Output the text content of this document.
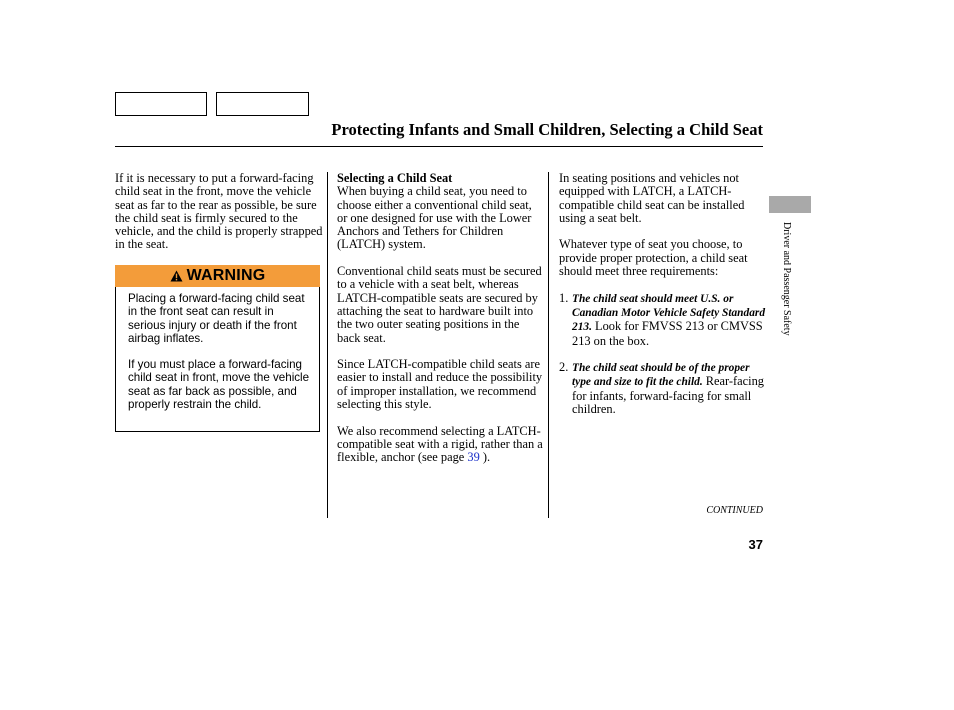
Protecting Infants and Small Children, Selecting a Child Seat

If it is necessary to put a forward-facing child seat in the front, move the vehicle seat as far to the rear as possible, be sure the child seat is firmly secured to the vehicle, and the child is properly strapped in the seat.

WARNING
Placing a forward-facing child seat in the front seat can result in serious injury or death if the front airbag inflates.
If you must place a forward-facing child seat in front, move the vehicle seat as far back as possible, and properly restrain the child.
Selecting a Child Seat

When buying a child seat, you need to choose either a conventional child seat, or one designed for use with the Lower Anchors and Tethers for Children (LATCH) system.

Conventional child seats must be secured to a vehicle with a seat belt, whereas LATCH-compatible seats are secured by attaching the seat to hardware built into the two outer seating positions in the back seat.

Since LATCH-compatible child seats are easier to install and reduce the possibility of improper installation, we recommend selecting this style.

We also recommend selecting a LATCH-compatible seat with a rigid, rather than a flexible, anchor (see page 39 ).

In seating positions and vehicles not equipped with LATCH, a LATCH-compatible child seat can be installed using a seat belt.

Whatever type of seat you choose, to provide proper protection, a child seat should meet three requirements:

1. The child seat should meet U.S. or Canadian Motor Vehicle Safety Standard 213. Look for FMVSS 213 or CMVSS 213 on the box.
2. The child seat should be of the proper type and size to fit the child. Rear-facing for infants, forward-facing for small children.
Driver and Passenger Safety
CONTINUED
37
